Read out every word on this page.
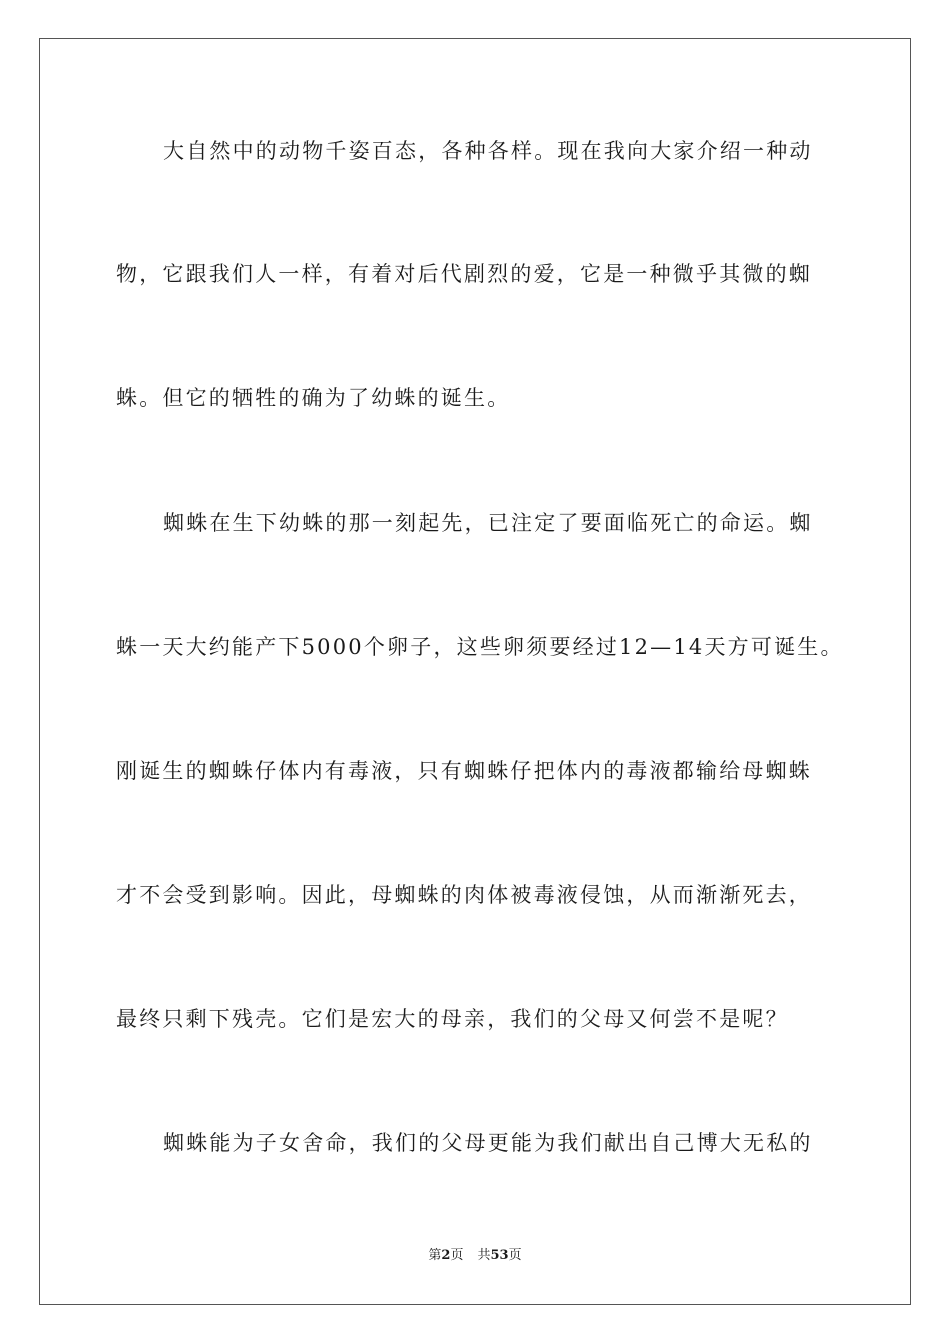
大自然中的动物千姿百态，各种各样。现在我向大家介绍一种动
物，它跟我们人一样，有着对后代剧烈的爱，它是一种微乎其微的蜘
蛛。但它的牺牲的确为了幼蛛的诞生。
蜘蛛在生下幼蛛的那一刻起先，已注定了要面临死亡的命运。蜘
蛛一天大约能产下5000个卵子，这些卵须要经过12—14天方可诞生。
刚诞生的蜘蛛仔体内有毒液，只有蜘蛛仔把体内的毒液都输给母蜘蛛
才不会受到影响。因此，母蜘蛛的肉体被毒液侵蚀，从而渐渐死去，
最终只剩下残壳。它们是宏大的母亲，我们的父母又何尝不是呢？
蜘蛛能为子女舍命，我们的父母更能为我们献出自己博大无私的
第2页 共53页
